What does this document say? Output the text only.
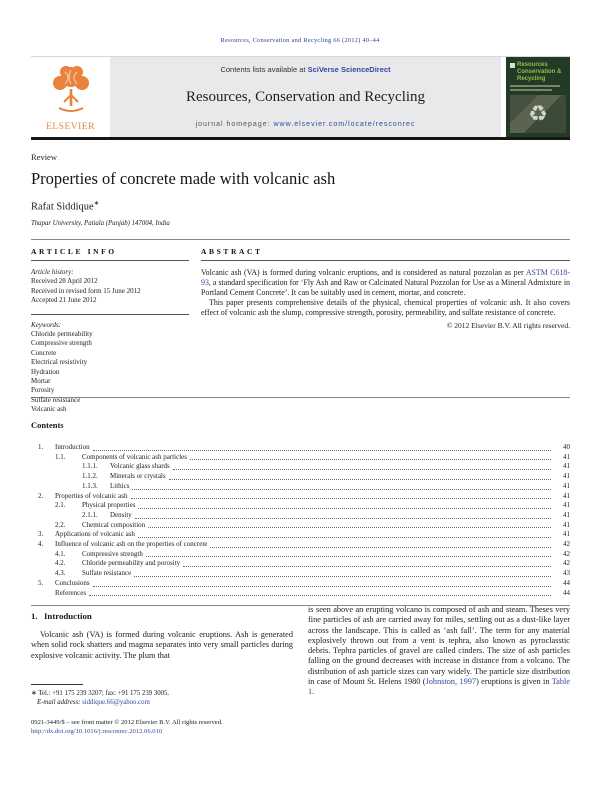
Resources, Conservation and Recycling 66 (2012) 40–44
ELSEVIER
Contents lists available at SciVerse ScienceDirect
Resources, Conservation and Recycling
journal homepage: www.elsevier.com/locate/resconrec
Resources
Conservation &
Recycling
♻
Review
Properties of concrete made with volcanic ash
Rafat Siddique∗
Thapar University, Patiala (Punjab) 147004, India
ARTICLE INFO
Article history:
Received 28 April 2012
Received in revised form 15 June 2012
Accepted 21 June 2012
Keywords:
Chloride permeability
Compressive strength
Concrete
Electrical resistivity
Hydration
Mortar
Porosity
Sulfate resistance
Volcanic ash
ABSTRACT
Volcanic ash (VA) is formed during volcanic eruptions, and is considered as natural pozzolan as per ASTM C618-93, a standard specification for ‘Fly Ash and Raw or Calcinated Natural Pozzolan for Use as a Mineral Admixture in Portland Cement Concrete’. It can be suitably used in cement, mortar, and concrete.
This paper presents comprehensive details of the physical, chemical properties of volcanic ash. It also covers effect of volcanic ash the slump, compressive strength, porosity, permeability, and sulfate resistance of concrete.
© 2012 Elsevier B.V. All rights reserved.
Contents
1.	Introduction	40
1.1.	Components of volcanic ash particles	41
1.1.1.	Volcanic glass shards	41
1.1.2.	Minerals or crystals	41
1.1.3.	Lithics	41
2.	Properties of volcanic ash	41
2.1.	Physical properties	41
2.1.1.	Density	41
2.2.	Chemical composition	41
3.	Applications of volcanic ash	41
4.	Influence of volcanic ash on the properties of concrete	42
4.1.	Compressive strength	42
4.2.	Chloride permeability and porosity	42
4.3.	Sulfate resistance	43
5.	Conclusions	44
References	44
1. Introduction
Volcanic ash (VA) is formed during volcanic eruptions. Ash is generated when solid rock shatters and magma separates into very small particles during explosive volcanic activity. The plum that
is seen above an erupting volcano is composed of ash and steam. Theses very fine particles of ash are carried away for miles, settling out as a dust-like layer across the landscape. This is called as ‘ash fall’. The term for any material explosively thrown out from a vent is tephra, also known as pyroclasstic debris. Tephra particles of gravel are called cinders. The size of ash particles falling on the ground decreases with increase in distance from a volcano. The distribution of ash particle sizes can vary widely. The particle size distribution in case of Mount St. Helens 1980 (Johnston, 1997) eruptions is given in Table 1.
∗ Tel.: +91 175 239 3207; fax: +91 175 239 3005.
E-mail address: siddique.66@yahoo.com
0921-3449/$ – see front matter © 2012 Elsevier B.V. All rights reserved.
http://dx.doi.org/10.1016/j.resconrec.2012.06.010
